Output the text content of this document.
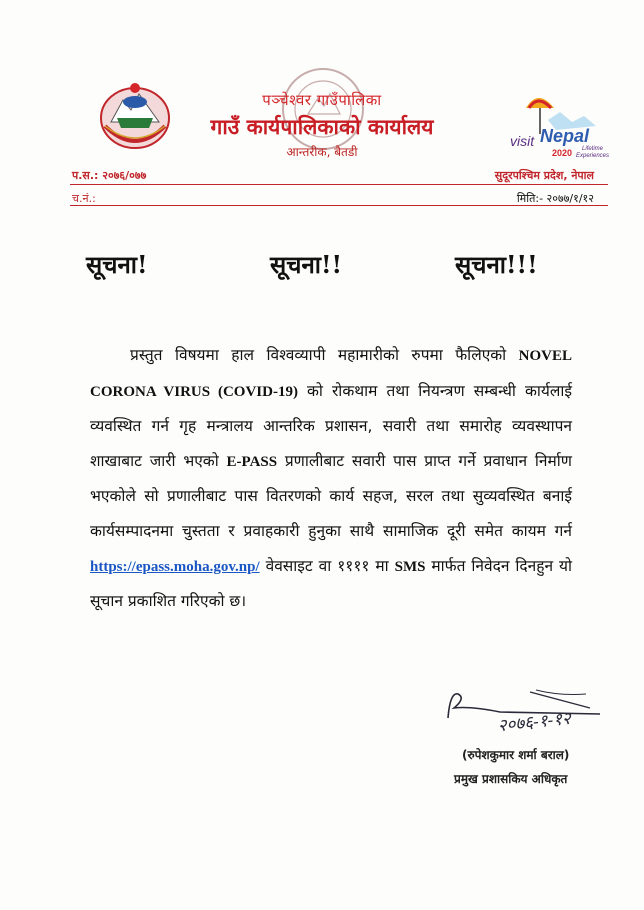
पञ्चेश्वर गाउँपालिका
गाउँ कार्यपालिकाको कार्यालय
आन्तरीक, बैतडी
visit Nepal
2020 Lifetime
Experiences
प.स.: २०७६/०७७	सुदूरपश्चिम प्रदेश, नेपाल
च.नं.:	मिति:- २०७७/१/१२
सूचना!	सूचना!!	सूचना!!!
प्रस्तुत विषयमा हाल विश्वव्यापी महामारीको रुपमा फैलिएको NOVEL CORONA VIRUS (COVID-19) को रोकथाम तथा नियन्त्रण सम्बन्धी कार्यलाई व्यवस्थित गर्न गृह मन्त्रालय आन्तरिक प्रशासन, सवारी तथा समारोह व्यवस्थापन शाखाबाट जारी भएको E-PASS प्रणालीबाट सवारी पास प्राप्त गर्ने प्रवाधान निर्माण भएकोले सो प्रणालीबाट पास वितरणको कार्य सहज, सरल तथा सुव्यवस्थित बनाई कार्यसम्पादनमा चुस्तता र प्रवाहकारी हुनुका साथै सामाजिक दूरी समेत कायम गर्न https://epass.moha.gov.np/ वेवसाइट वा ११११ मा SMS मार्फत निवेदन दिनहुन यो सूचान प्रकाशित गरिएको छ।
२०७६-१-१२
(रुपेशकुमार शर्मा बराल)
प्रमुख प्रशासकिय अधिकृत
